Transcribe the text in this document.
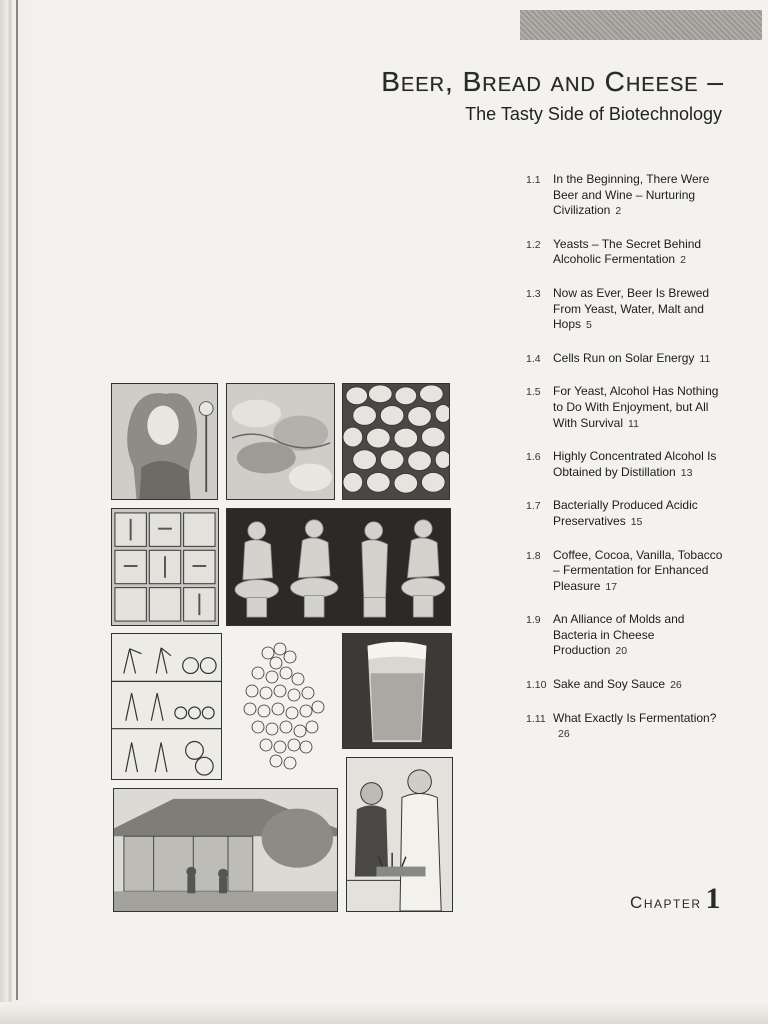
Beer, Bread and Cheese –
The Tasty Side of Biotechnology
1.1 In the Beginning, There Were Beer and Wine – Nurturing Civilization 2
1.2 Yeasts – The Secret Behind Alcoholic Fermentation 2
1.3 Now as Ever, Beer Is Brewed From Yeast, Water, Malt and Hops 5
1.4 Cells Run on Solar Energy 11
1.5 For Yeast, Alcohol Has Nothing to Do With Enjoyment, but All With Survival 11
1.6 Highly Concentrated Alcohol Is Obtained by Distillation 13
1.7 Bacterially Produced Acidic Preservatives 15
1.8 Coffee, Cocoa, Vanilla, Tobacco – Fermentation for Enhanced Pleasure 17
1.9 An Alliance of Molds and Bacteria in Cheese Production 20
1.10 Sake and Soy Sauce 26
1.11 What Exactly Is Fermentation?26
Chapter 1
